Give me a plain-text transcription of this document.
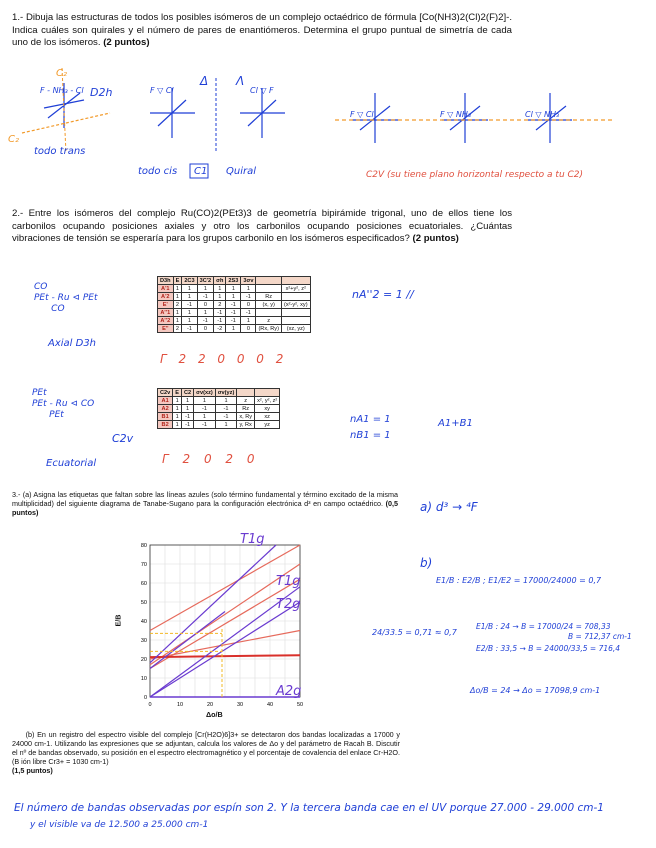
1.- Dibuja las estructuras de todos los posibles isómeros de un complejo octaédrico de fórmula [Co(NH3)2(Cl)2(F)2]-. Indica cuáles son quirales y el número de pares de enantiómeros. Determina el grupo puntual de simetría de cada uno de los isómeros. (2 puntos)
C₂
C₂
D2h
todo trans
Δ Λ
todo cis C1 Quiral	C2V (su tiene plano horizontal respecto a tu C2)
F ‑ NH₃ ‑ Cl	F ▽ Cl	Cl ▽ F
F ▽ Cl	F ▽ NH₃	Cl ▽ NH₃
2.- Entre los isómeros del complejo Ru(CO)2(PEt3)3 de geometría bipirámide trigonal, uno de ellos tiene los carbonilos ocupando posiciones axiales y otro los carbonilos ocupando posiciones ecuatoriales. ¿Cuántas vibraciones de tensión se esperaría para los grupos carbonilo en los isómeros especificados? (2 puntos)
D3h	E	2C3	3C'2	σh	2S3	3σv		
A'1	1	1	1	1	1	1		x²+y², z²
A'2	1	1	-1	1	1	-1	Rz	
E'	2	-1	0	2	-1	0	(x, y)	(x²-y², xy)
A''1	1	1	1	-1	-1	-1		
A''2	1	1	-1	-1	-1	1	z	
E''	2	-1	0	-2	1	0	(Rx, Ry)	(xz, yz)
Axial D3h
CO
PEt ‑ Ru ⊲ PEt
CO
Γ 2 2 0 0 0 2
nA''2 = 1 //
C2v	E	C2	σv(xz)	σv(yz)		
A1	1	1	1	1	z	x², y², z²
A2	1	1	-1	-1	Rz	xy
B1	1	-1	1	-1	x, Ry	xz
B2	1	-1	-1	1	y, Rx	yz
PEt
PEt ‑ Ru ⊲ CO
PEt
C2v
Ecuatorial	Γ 2 0 2 0
nA1 = 1
nB1 = 1
A1+B1
3.- (a) Asigna las etiquetas que faltan sobre las líneas azules (solo término fundamental y término excitado de la misma multiplicidad) del siguiente diagrama de Tanabe-Sugano para la configuración electrónica d³ en campo octaédrico. (0,5 puntos)
0	10	20	30	40	50
0
10
20
30
40
50
60
70
80
E/B
Δo/B
T1g
T1g
T2g
A2g
a) d³ → ⁴F
b)
E1/B : E2/B ; E1/E2 = 17000/24000 = 0,7
24/33.5 = 0,71 ≈ 0,7
E1/B : 24 → B = 17000/24 = 708,33
E2/B : 33,5 → B = 24000/33,5 = 716,4
B = 712,37 cm-1
Δo/B = 24 → Δo = 17098,9 cm-1
(b) En un registro del espectro visible del complejo [Cr(H2O)6]3+ se detectaron dos bandas localizadas a 17000 y 24000 cm-1. Utilizando las expresiones que se adjuntan, calcula los valores de Δo y del parámetro de Racah B. Discutir el nº de bandas observado, su posición en el espectro electromagnético y el porcentaje de covalencia del enlace Cr-H2O. (B ión libre Cr3+ = 1030 cm-1)
(1,5 puntos)
El número de bandas observadas por espín son 2. Y la tercera banda cae en el UV porque 27.000 - 29.000 cm-1
y el visible va de 12.500 a 25.000 cm-1
